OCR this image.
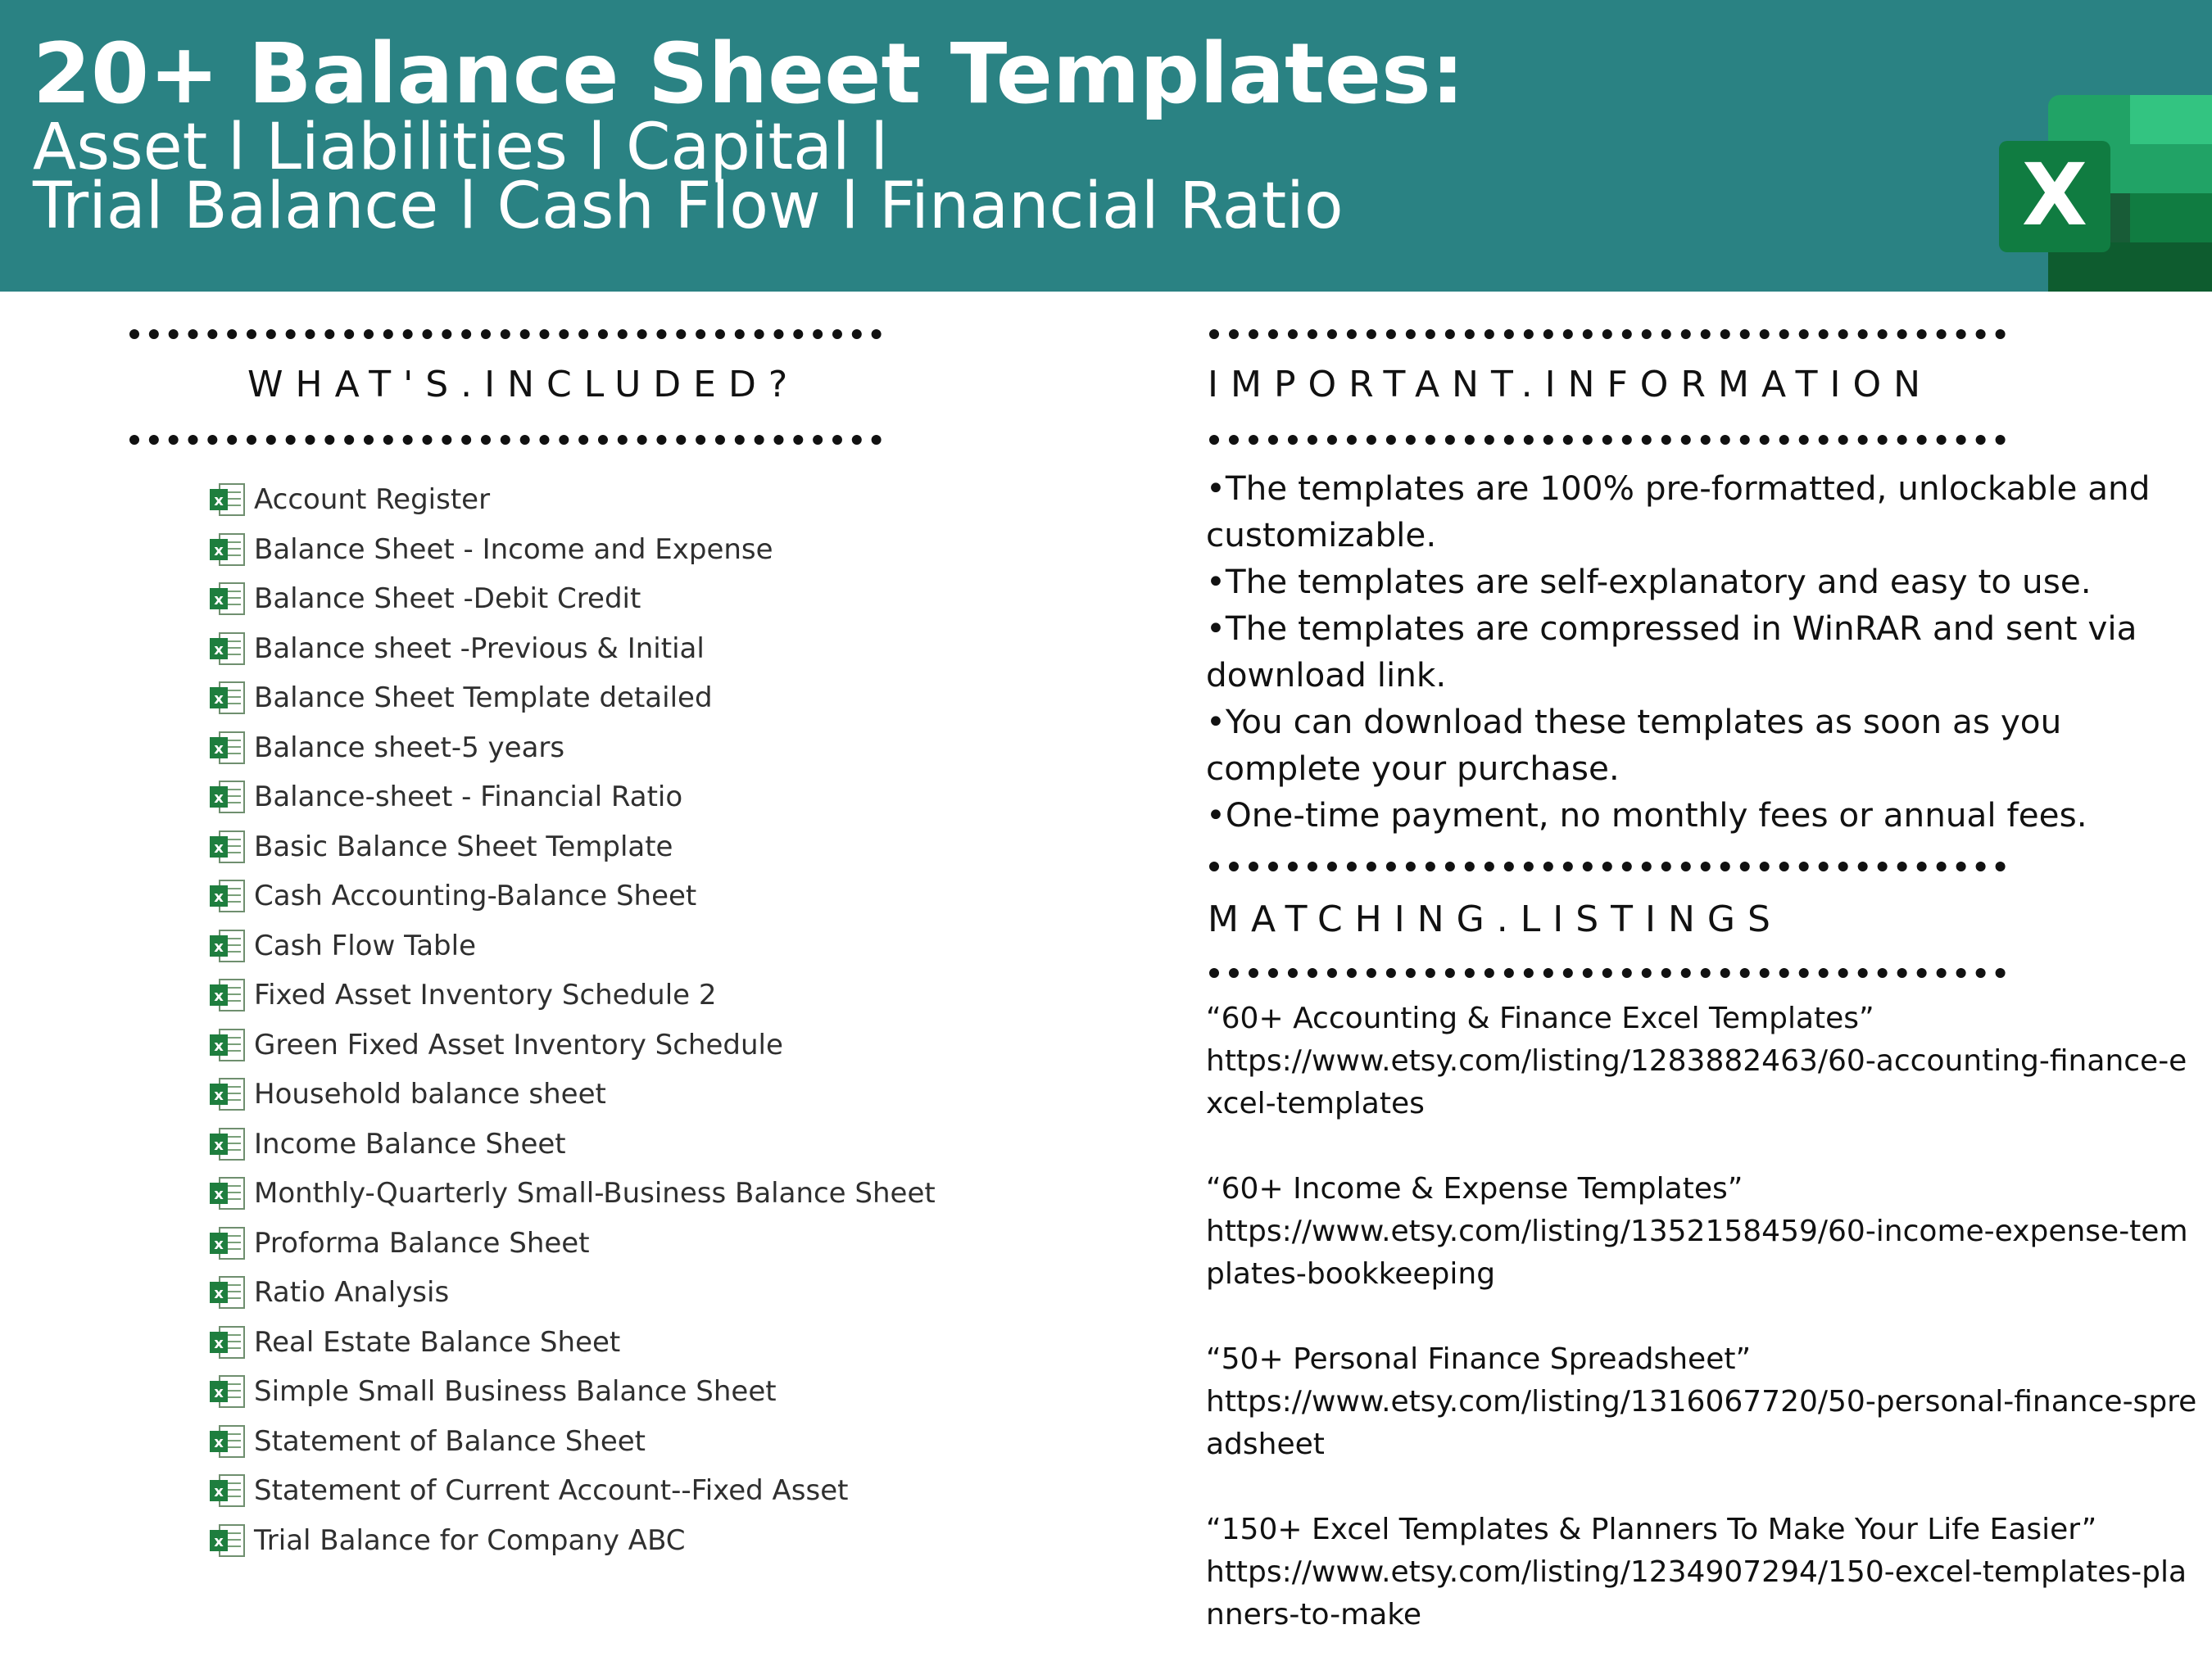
20+ Balance Sheet Templates:
Asset l Liabilities l Capital l
Trial Balance l Cash Flow l Financial Ratio	X
WHAT'S.INCLUDED?
x Account Register
x Balance Sheet - Income and Expense
x Balance Sheet -Debit Credit
x Balance sheet -Previous & Initial
x Balance Sheet Template detailed
x Balance sheet-5 years
x Balance-sheet - Financial Ratio
x Basic Balance Sheet Template
x Cash Accounting-Balance Sheet
x Cash Flow Table
x Fixed Asset Inventory Schedule 2
x Green Fixed Asset Inventory Schedule
x Household balance sheet
x Income Balance Sheet
x Monthly-Quarterly Small-Business Balance Sheet
x Proforma Balance Sheet
x Ratio Analysis
x Real Estate Balance Sheet
x Simple Small Business Balance Sheet
x Statement of Balance Sheet
x Statement of Current Account--Fixed Asset
x Trial Balance for Company ABC
IMPORTANT.INFORMATION

•The templates are 100% pre-formatted, unlockable and customizable.

•The templates are self-explanatory and easy to use.

•The templates are compressed in WinRAR and sent via download link.

•You can download these templates as soon as you complete your purchase.

•One-time payment, no monthly fees or annual fees.

MATCHING.LISTINGS

“60+ Accounting & Finance Excel Templates”

https://www.etsy.com/listing/1283882463/60-accounting-finance-excel-templates

“60+ Income & Expense Templates”

https://www.etsy.com/listing/1352158459/60-income-expense-templates-bookkeeping

“50+ Personal Finance Spreadsheet”

https://www.etsy.com/listing/1316067720/50-personal-finance-spreadsheet

“150+ Excel Templates & Planners To Make Your Life Easier”

https://www.etsy.com/listing/1234907294/150-excel-templates-planners-to-make
